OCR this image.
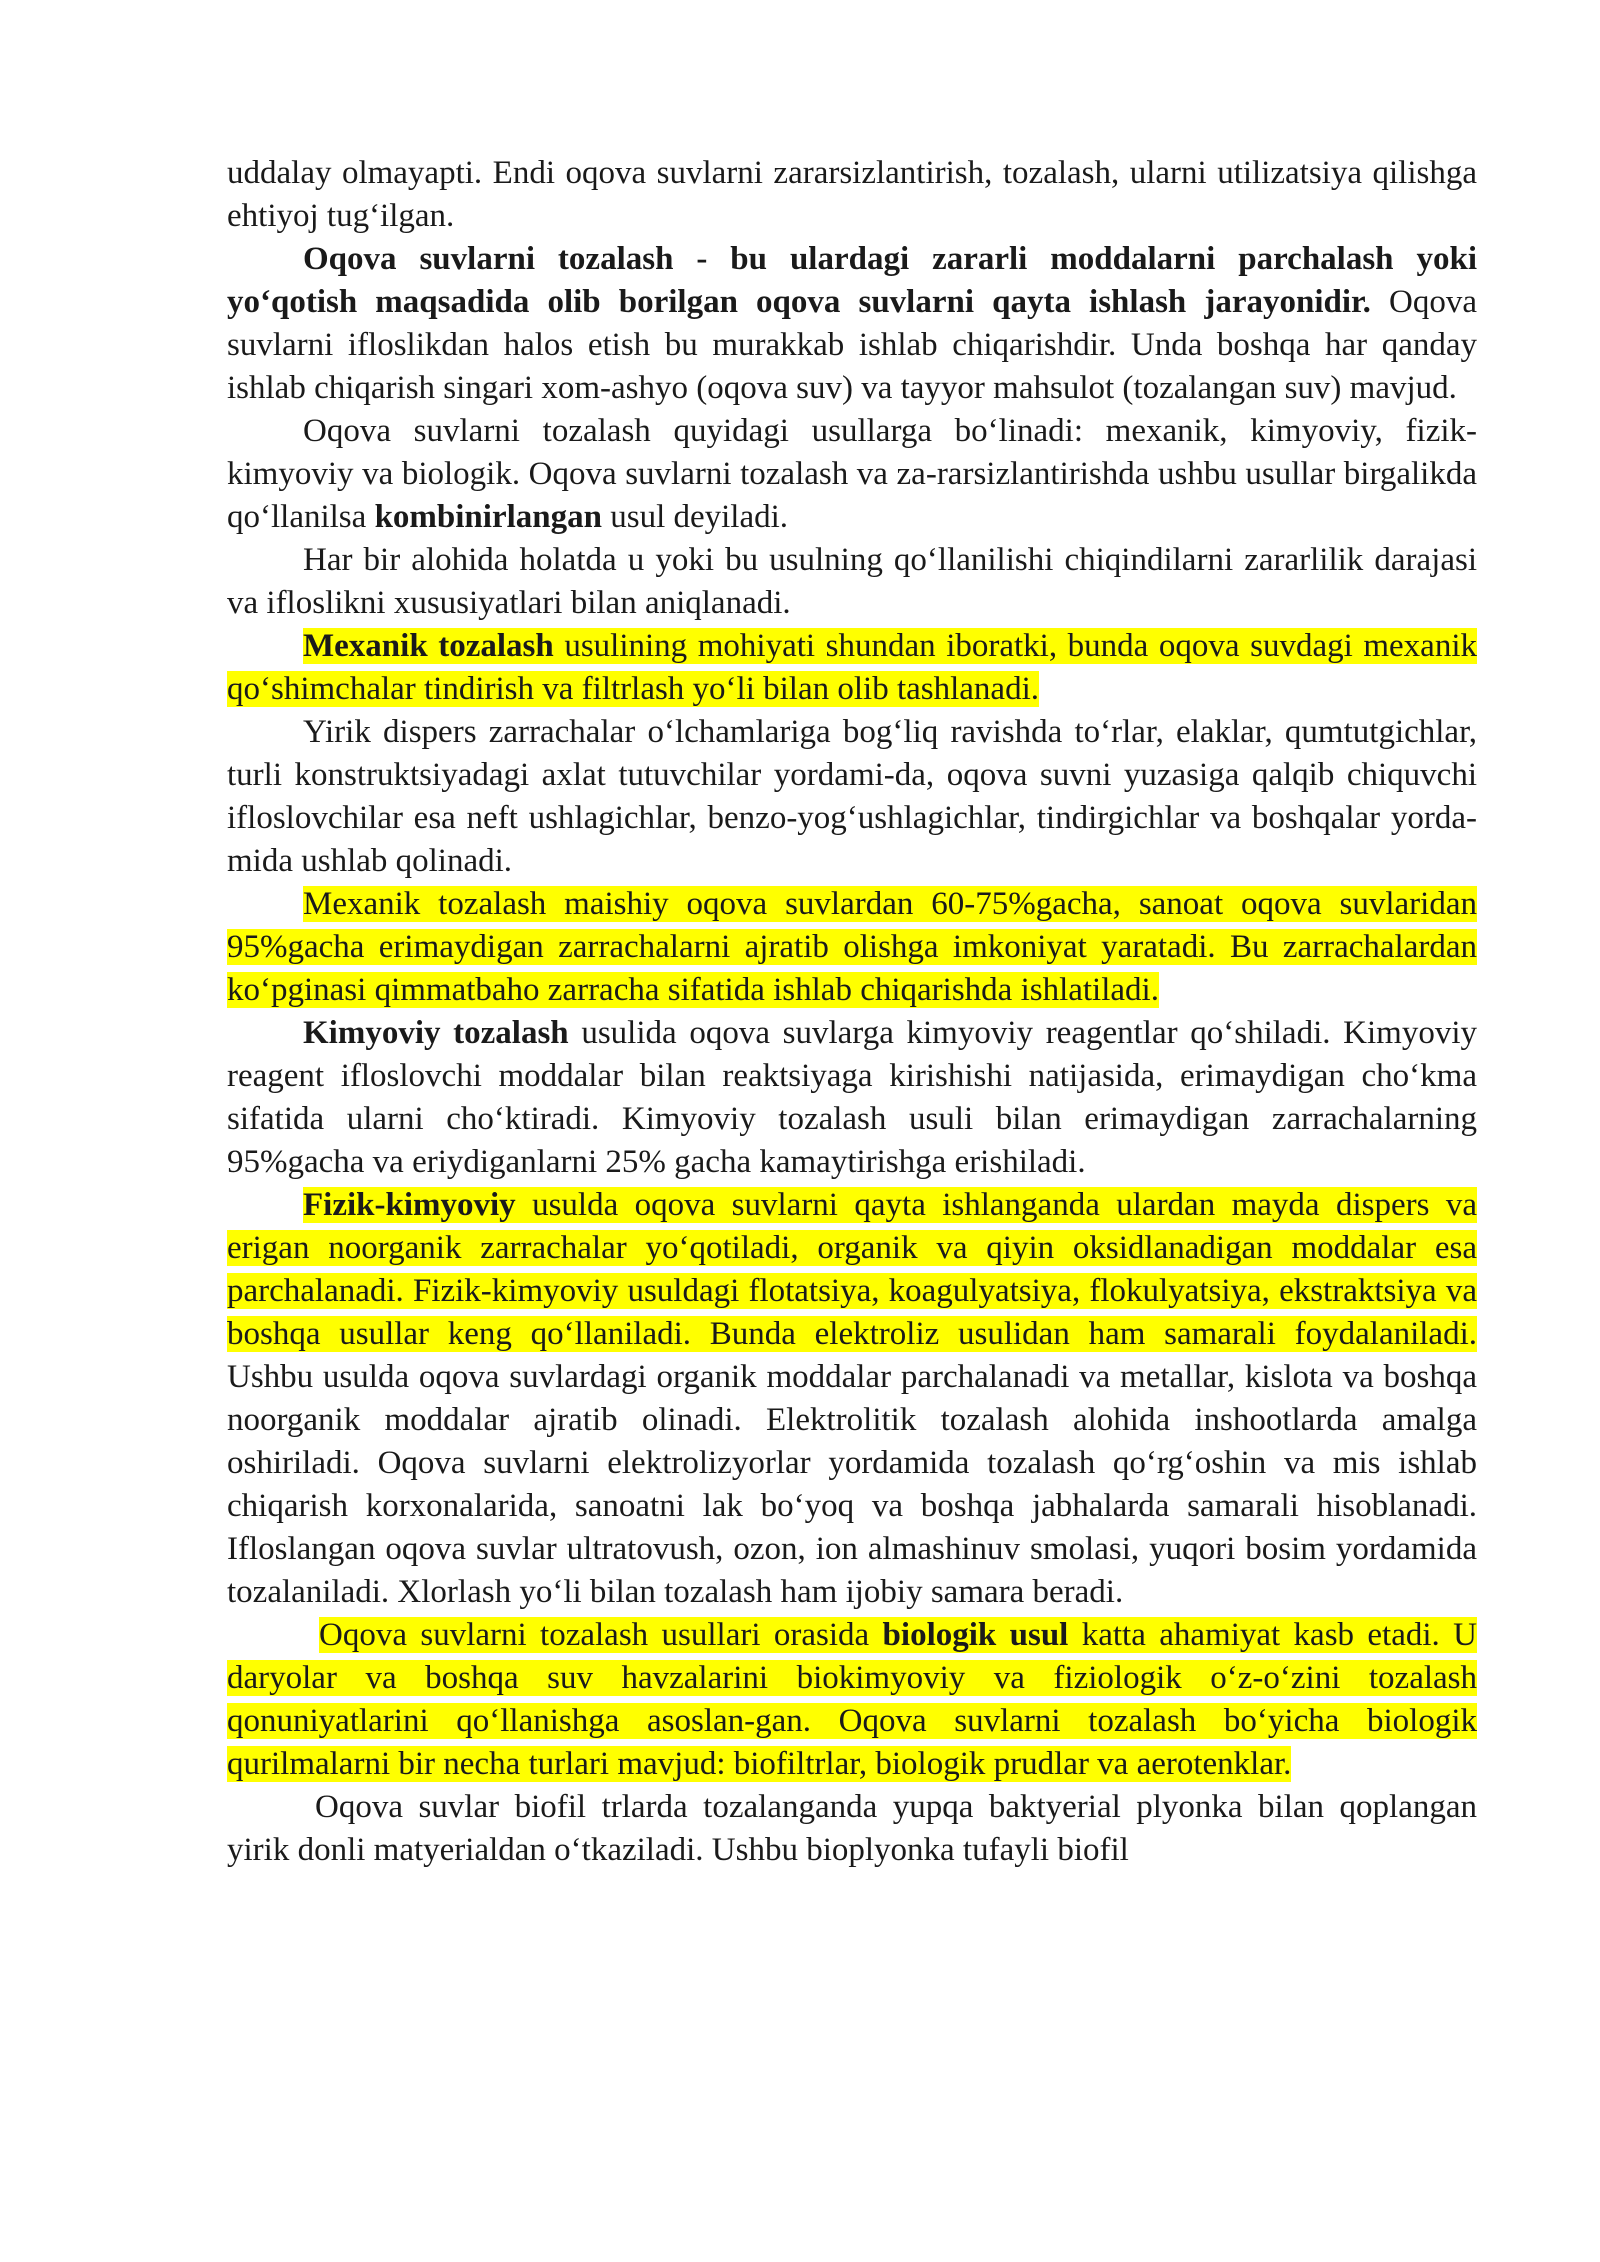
uddalay olmayapti. Endi oqova suvlarni zararsizlantirish, tozalash, ularni utilizatsiya qilishga ehtiyoj tug‘ilgan.

Oqova suvlarni tozalash - bu ulardagi zararli moddalarni parchalash yoki yo‘qotish maqsadida olib borilgan oqova suvlarni qayta ishlash jarayonidir. Oqova suvlarni ifloslikdan halos etish bu murakkab ishlab chiqarishdir. Unda boshqa har qanday ishlab chiqarish singari xom-ashyo (oqova suv) va tayyor mahsulot (tozalangan suv) mavjud.

Oqova suvlarni tozalash quyidagi usullarga bo‘linadi: mexanik, kimyoviy, fizik-kimyoviy va biologik. Oqova suvlarni tozalash va za-rarsizlantirishda ushbu usullar birgalikda qo‘llanilsa kombinirlangan usul deyiladi.

Har bir alohida holatda u yoki bu usulning qo‘llanilishi chiqindilarni zararlilik darajasi va ifloslikni xususiyatlari bilan aniqlanadi.

Mexanik tozalash usulining mohiyati shundan iboratki, bunda oqova suvdagi mexanik qo‘shimchalar tindirish va filtrlash yo‘li bilan olib tashlanadi.

Yirik dispers zarrachalar o‘lchamlariga bog‘liq ravishda to‘rlar, elaklar, qumtutgichlar, turli konstruktsiyadagi axlat tutuvchilar yordami-da, oqova suvni yuzasiga qalqib chiquvchi ifloslovchilar esa neft ushlagichlar, benzo-yog‘ushlagichlar, tindirgichlar va boshqalar yorda-mida ushlab qolinadi.

Mexanik tozalash maishiy oqova suvlardan 60-75%gacha, sanoat oqova suvlaridan 95%gacha erimaydigan zarrachalarni ajratib olishga imkoniyat yaratadi. Bu zarrachalardan ko‘pginasi qimmatbaho zarracha sifatida ishlab chiqarishda ishlatiladi.

Kimyoviy tozalash usulida oqova suvlarga kimyoviy reagentlar qo‘shiladi. Kimyoviy reagent ifloslovchi moddalar bilan reaktsiyaga kirishishi natijasida, erimaydigan cho‘kma sifatida ularni cho‘ktiradi. Kimyoviy tozalash usuli bilan erimaydigan zarrachalarning 95%gacha va eriydiganlarni 25% gacha kamaytirishga erishiladi.

Fizik-kimyoviy usulda oqova suvlarni qayta ishlanganda ulardan mayda dispers va erigan noorganik zarrachalar yo‘qotiladi, organik va qiyin oksidlanadigan moddalar esa parchalanadi. Fizik-kimyoviy usuldagi flotatsiya, koagulyatsiya, flokulyatsiya, ekstraktsiya va boshqa usullar keng qo‘llaniladi. Bunda elektroliz usulidan ham samarali foydalaniladi. Ushbu usulda oqova suvlardagi organik moddalar parchalanadi va metallar, kislota va boshqa noorganik moddalar ajratib olinadi. Elektrolitik tozalash alohida inshootlarda amalga oshiriladi. Oqova suvlarni elektrolizyorlar yordamida tozalash qo‘rg‘oshin va mis ishlab chiqarish korxonalarida, sanoatni lak bo‘yoq va boshqa jabhalarda samarali hisoblanadi. Ifloslangan oqova suvlar ultratovush, ozon, ion almashinuv smolasi, yuqori bosim yordamida tozalaniladi. Xlorlash yo‘li bilan tozalash ham ijobiy samara beradi.

Oqova suvlarni tozalash usullari orasida biologik usul katta ahamiyat kasb etadi. U daryolar va boshqa suv havzalarini biokimyoviy va fiziologik o‘z-o‘zini tozalash qonuniyatlarini qo‘llanishga asoslan-gan. Oqova suvlarni tozalash bo‘yicha biologik qurilmalarni bir necha turlari mavjud: biofiltrlar, biologik prudlar va aerotenklar.

Oqova suvlar biofil trlarda tozalanganda yupqa baktyerial plyonka bilan qoplangan yirik donli matyerialdan o‘tkaziladi. Ushbu bioplyonka tufayli biofil
